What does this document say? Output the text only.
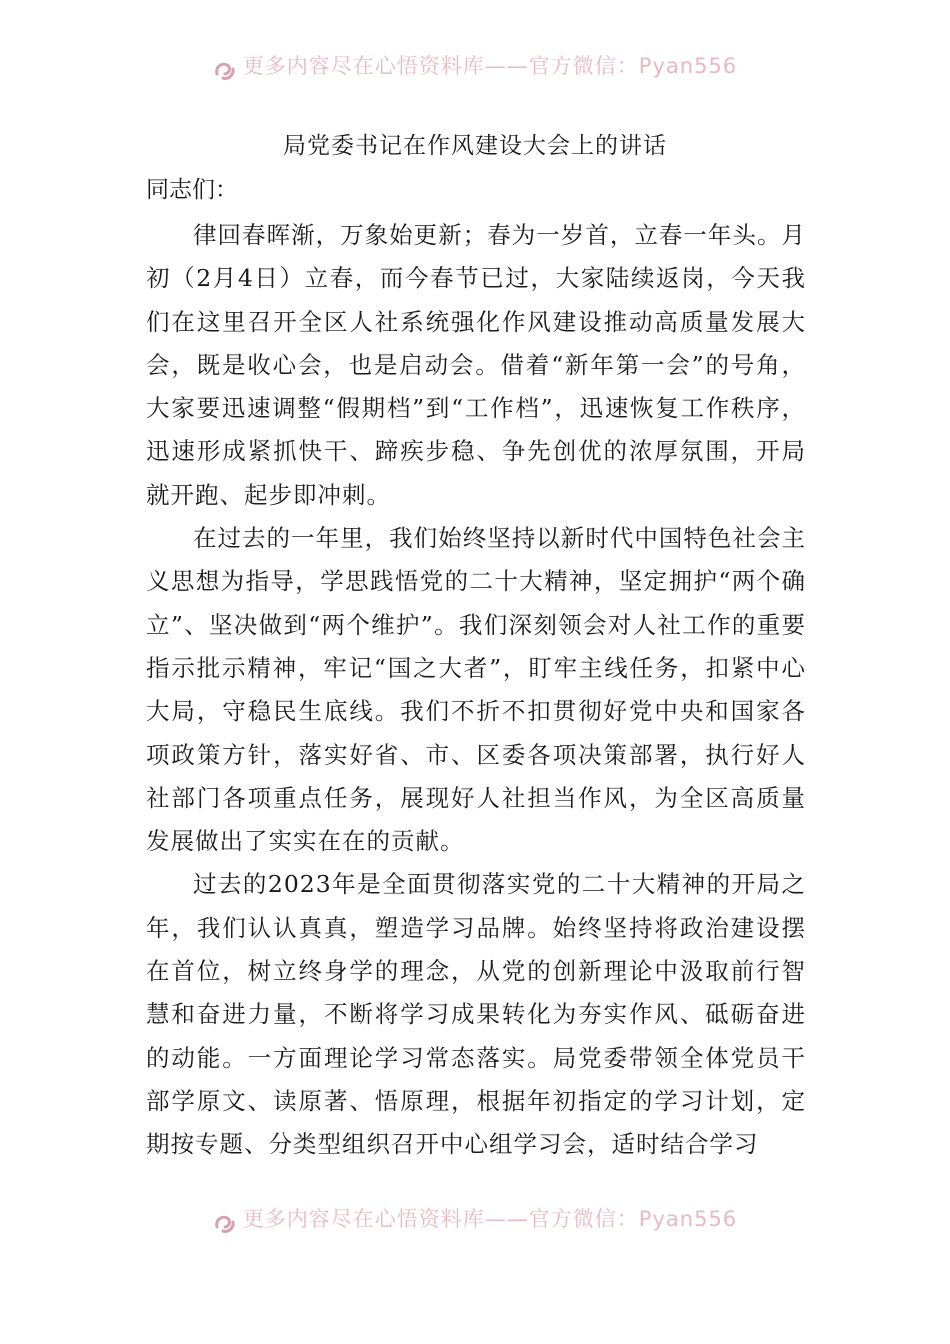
更多内容尽在心悟资料库——官方微信：Pyan556
局党委书记在作风建设大会上的讲话
同志们：

律回春晖渐，万象始更新；春为一岁首，立春一年头。月初（2月4日）立春，而今春节已过，大家陆续返岗，今天我们在这里召开全区人社系统强化作风建设推动高质量发展大会，既是收心会，也是启动会。借着“新年第一会”的号角，大家要迅速调整“假期档”到“工作档”，迅速恢复工作秩序，迅速形成紧抓快干、蹄疾步稳、争先创优的浓厚氛围，开局就开跑、起步即冲刺。

在过去的一年里，我们始终坚持以新时代中国特色社会主义思想为指导，学思践悟党的二十大精神，坚定拥护“两个确立”、坚决做到“两个维护”。我们深刻领会对人社工作的重要指示批示精神，牢记“国之大者”，盯牢主线任务，扣紧中心大局，守稳民生底线。我们不折不扣贯彻好党中央和国家各项政策方针，落实好省、市、区委各项决策部署，执行好人社部门各项重点任务，展现好人社担当作风，为全区高质量发展做出了实实在在的贡献。

过去的2023年是全面贯彻落实党的二十大精神的开局之年，我们认认真真，塑造学习品牌。始终坚持将政治建设摆在首位，树立终身学的理念，从党的创新理论中汲取前行智慧和奋进力量，不断将学习成果转化为夯实作风、砥砺奋进的动能。一方面理论学习常态落实。局党委带领全体党员干部学原文、读原著、悟原理，根据年初指定的学习计划，定期按专题、分类型组织召开中心组学习会，适时结合学习

更多内容尽在心悟资料库——官方微信：Pyan556
